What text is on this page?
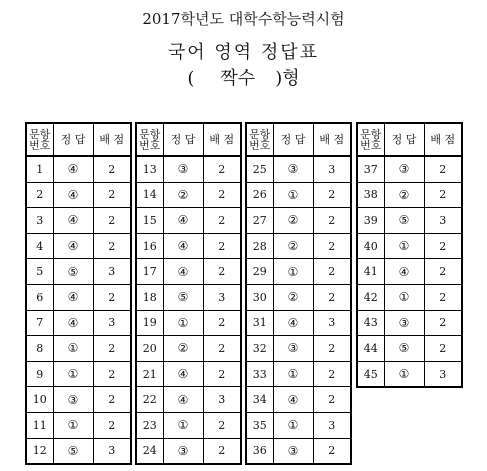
2017학년도 대학수학능력시험
국어 영역 정답표
( 짝수 )형
문항
번호	정 답	배 점
1	④	2
2	④	2
3	④	2
4	④	2
5	⑤	3
6	④	2
7	④	3
8	①	2
9	①	2
10	③	2
11	①	2
12	⑤	3
문항
번호	정 답	배 점
13	③	2
14	②	2
15	④	2
16	④	2
17	④	2
18	⑤	3
19	①	2
20	②	2
21	④	2
22	④	3
23	①	2
24	③	2
문항
번호	정 답	배 점
25	③	3
26	①	2
27	②	2
28	②	2
29	①	2
30	②	2
31	④	3
32	③	2
33	①	2
34	④	2
35	①	3
36	③	2
문항
번호	정 답	배 점
37	③	2
38	②	2
39	⑤	3
40	①	2
41	④	2
42	①	2
43	③	2
44	⑤	2
45	①	3
